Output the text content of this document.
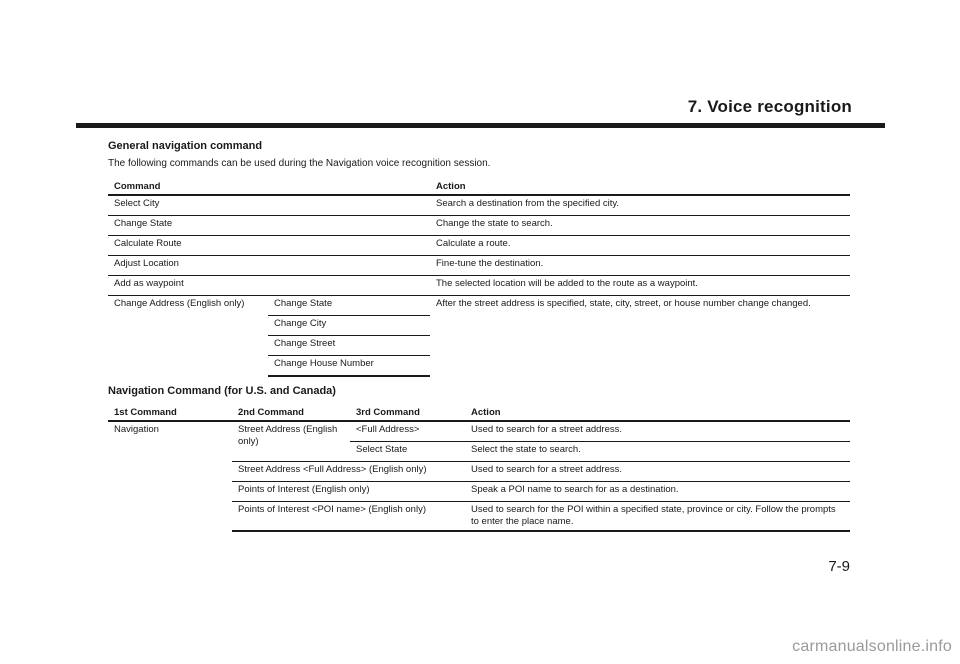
7. Voice recognition
General navigation command
The following commands can be used during the Navigation voice recognition session.
Command		Action
Select City		Search a destination from the specified city.
Change State		Change the state to search.
Calculate Route		Calculate a route.
Adjust Location		Fine-tune the destination.
Add as waypoint		The selected location will be added to the route as a waypoint.
Change Address (English only)	Change State	After the street address is specified, state, city, street, or house number change changed.
	Change City	
	Change Street	
	Change House Number	
Navigation Command (for U.S. and Canada)
1st Command	2nd Command	3rd Command	Action
Navigation	Street Address (English only)	<Full Address>	Used to search for a street address.
		Select State	Select the state to search.
	Street Address <Full Address> (English only)		Used to search for a street address.
	Points of Interest (English only)		Speak a POI name to search for as a destination.
	Points of Interest <POI name> (English only)		Used to search for the POI within a specified state, province or city. Follow the prompts to enter the place name.
7-9
carmanualsonline.info
